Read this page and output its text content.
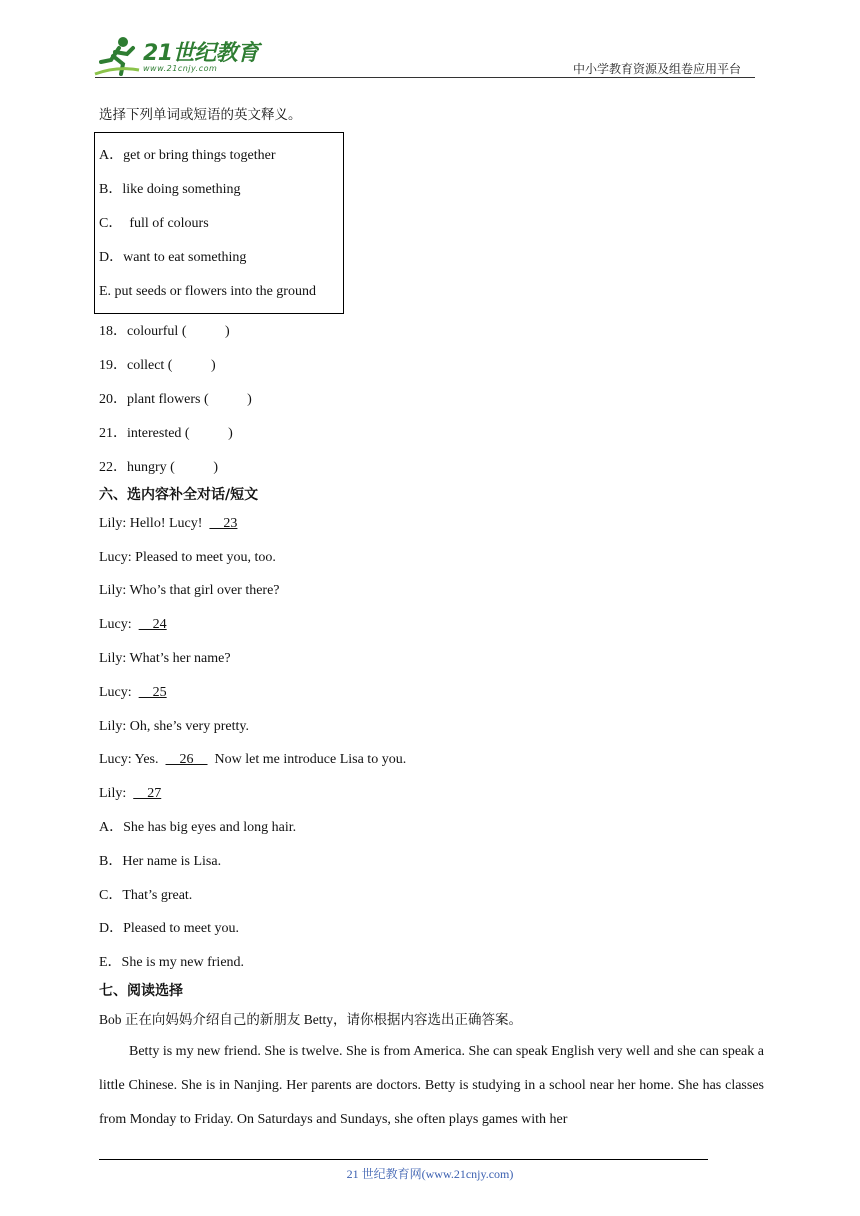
21世纪教育
www.21cnjy.com	中小学教育资源及组卷应用平台
选择下列单词或短语的英文释义。
A．get or bring things together
B．like doing something
C．  full of colours
D．want to eat something
E. put seeds or flowers into the ground
18．colourful (           )
19．collect (           )
20．plant flowers (           )
21．interested (           )
22．hungry (           )
六、选内容补全对话/短文
Lily: Hello! Lucy!      23
Lucy: Pleased to meet you, too.
Lily: Who’s that girl over there?
Lucy:      24
Lily: What’s her name?
Lucy:      25
Lily: Oh, she’s very pretty.
Lucy: Yes.      26      Now let me introduce Lisa to you.
Lily:      27
A．She has big eyes and long hair.
B．Her name is Lisa.
C．That’s great.
D．Pleased to meet you.
E．She is my new friend.
七、阅读选择
Bob 正在向妈妈介绍自己的新朋友 Betty，请你根据内容选出正确答案。
Betty is my new friend. She is twelve. She is from America. She can speak English very well and she can speak a little Chinese. She is in Nanjing. Her parents are doctors. Betty is studying in a school near her home. She has classes from Monday to Friday. On Saturdays and Sundays, she often plays games with her
21 世纪教育网(www.21cnjy.com)
